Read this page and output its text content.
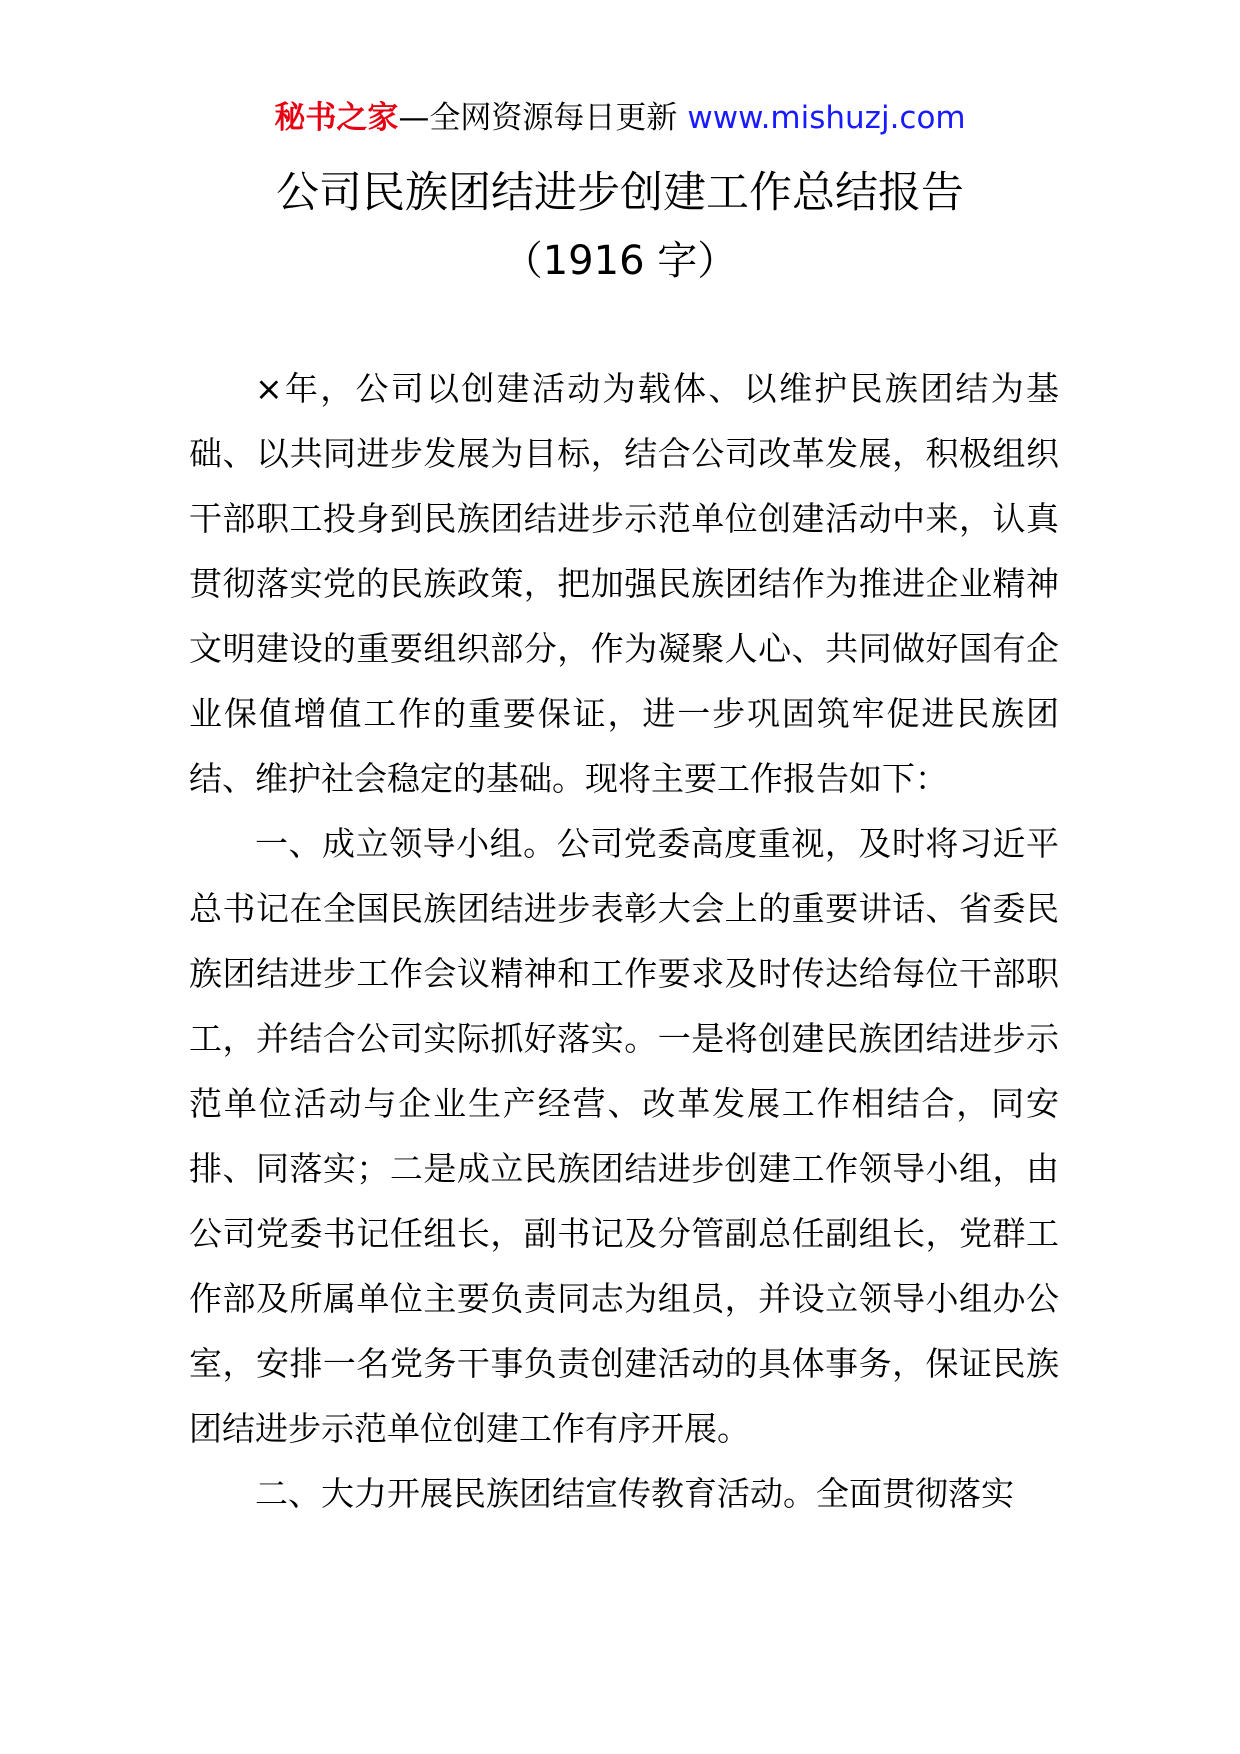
秘书之家—全网资源每日更新 www.mishuzj.com
公司民族团结进步创建工作总结报告
（1916 字）

×年，公司以创建活动为载体、以维护民族团结为基础、以共同进步发展为目标，结合公司改革发展，积极组织干部职工投身到民族团结进步示范单位创建活动中来，认真贯彻落实党的民族政策，把加强民族团结作为推进企业精神文明建设的重要组织部分，作为凝聚人心、共同做好国有企业保值增值工作的重要保证，进一步巩固筑牢促进民族团结、维护社会稳定的基础。现将主要工作报告如下：

一、成立领导小组。公司党委高度重视，及时将习近平总书记在全国民族团结进步表彰大会上的重要讲话、省委民族团结进步工作会议精神和工作要求及时传达给每位干部职工，并结合公司实际抓好落实。一是将创建民族团结进步示范单位活动与企业生产经营、改革发展工作相结合，同安排、同落实；二是成立民族团结进步创建工作领导小组，由公司党委书记任组长，副书记及分管副总任副组长，党群工作部及所属单位主要负责同志为组员，并设立领导小组办公室，安排一名党务干事负责创建活动的具体事务，保证民族团结进步示范单位创建工作有序开展。

二、大力开展民族团结宣传教育活动。全面贯彻落实
